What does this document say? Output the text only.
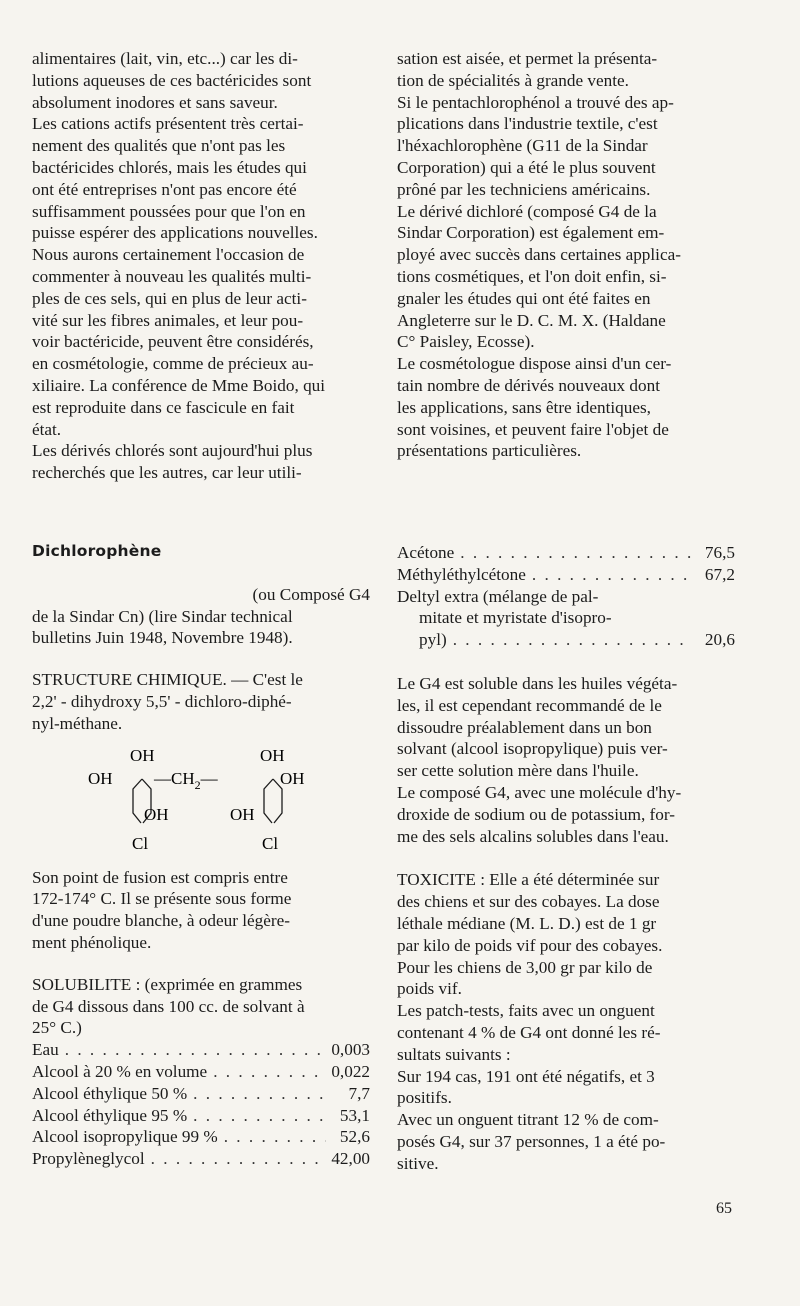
alimentaires (lait, vin, etc...) car les di-

lutions aqueuses de ces bactéricides sont

absolument inodores et sans saveur.

Les cations actifs présentent très certai-

nement des qualités que n'ont pas les

bactéricides chlorés, mais les études qui

ont été entreprises n'ont pas encore été

suffisamment poussées pour que l'on en

puisse espérer des applications nouvelles.

Nous aurons certainement l'occasion de

commenter à nouveau les qualités multi-

ples de ces sels, qui en plus de leur acti-

vité sur les fibres animales, et leur pou-

voir bactéricide, peuvent être considérés,

en cosmétologie, comme de précieux au-

xiliaire. La conférence de Mme Boido, qui

est reproduite dans ce fascicule en fait

état.

Les dérivés chlorés sont aujourd'hui plus

recherchés que les autres, car leur utili-

Dichlorophène

(ou Composé G4

de la Sindar Cn) (lire Sindar technical

bulletins Juin 1948, Novembre 1948).

STRUCTURE CHIMIQUE. — C'est le

2,2' - dihydroxy 5,5' - dichloro-diphé-

nyl-méthane.

OH	OH
OH $—CH_2—$	OH
OH	OH
Cl	Cl

Son point de fusion est compris entre

172-174° C. Il se présente sous forme

d'une poudre blanche, à odeur légère-

ment phénolique.

SOLUBILITE : (exprimée en grammes

de G4 dissous dans 100 cc. de solvant à

25° C.)

Eau . . .	0,003
Alcool à 20 % en volume . . .	0,022
Alcool éthylique 50 % . . .	7,7
Alcool éthylique 95 % . . .	53,1
Alcool isopropylique 99 % . . .	52,6
Propylèneglycol . . .	42,00

sation est aisée, et permet la présenta-

tion de spécialités à grande vente.

Si le pentachlorophénol a trouvé des ap-

plications dans l'industrie textile, c'est

l'héxachlorophène (G11 de la Sindar

Corporation) qui a été le plus souvent

prôné par les techniciens américains.

Le dérivé dichloré (composé G4 de la

Sindar Corporation) est également em-

ployé avec succès dans certaines applica-

tions cosmétiques, et l'on doit enfin, si-

gnaler les études qui ont été faites en

Angleterre sur le D. C. M. X. (Haldane

C° Paisley, Ecosse).

Le cosmétologue dispose ainsi d'un cer-

tain nombre de dérivés nouveaux dont

les applications, sans être identiques,

sont voisines, et peuvent faire l'objet de

présentations particulières.

Acétone . . .	76,5
Méthyléthylcétone . . .	67,2

Deltyl extra (mélange de pal-

mitate et myristate d'isopro-

pyl) . . .	20,6

Le G4 est soluble dans les huiles végéta-

les, il est cependant recommandé de le

dissoudre préalablement dans un bon

solvant (alcool isopropylique) puis ver-

ser cette solution mère dans l'huile.

Le composé G4, avec une molécule d'hy-

droxide de sodium ou de potassium, for-

me des sels alcalins solubles dans l'eau.

TOXICITE : Elle a été déterminée sur

des chiens et sur des cobayes. La dose

léthale médiane (M. L. D.) est de 1 gr

par kilo de poids vif pour des cobayes.

Pour les chiens de 3,00 gr par kilo de

poids vif.

Les patch-tests, faits avec un onguent

contenant 4 % de G4 ont donné les ré-

sultats suivants :

Sur 194 cas, 191 ont été négatifs, et 3

positifs.

Avec un onguent titrant 12 % de com-

posés G4, sur 37 personnes, 1 a été po-

sitive.

65
